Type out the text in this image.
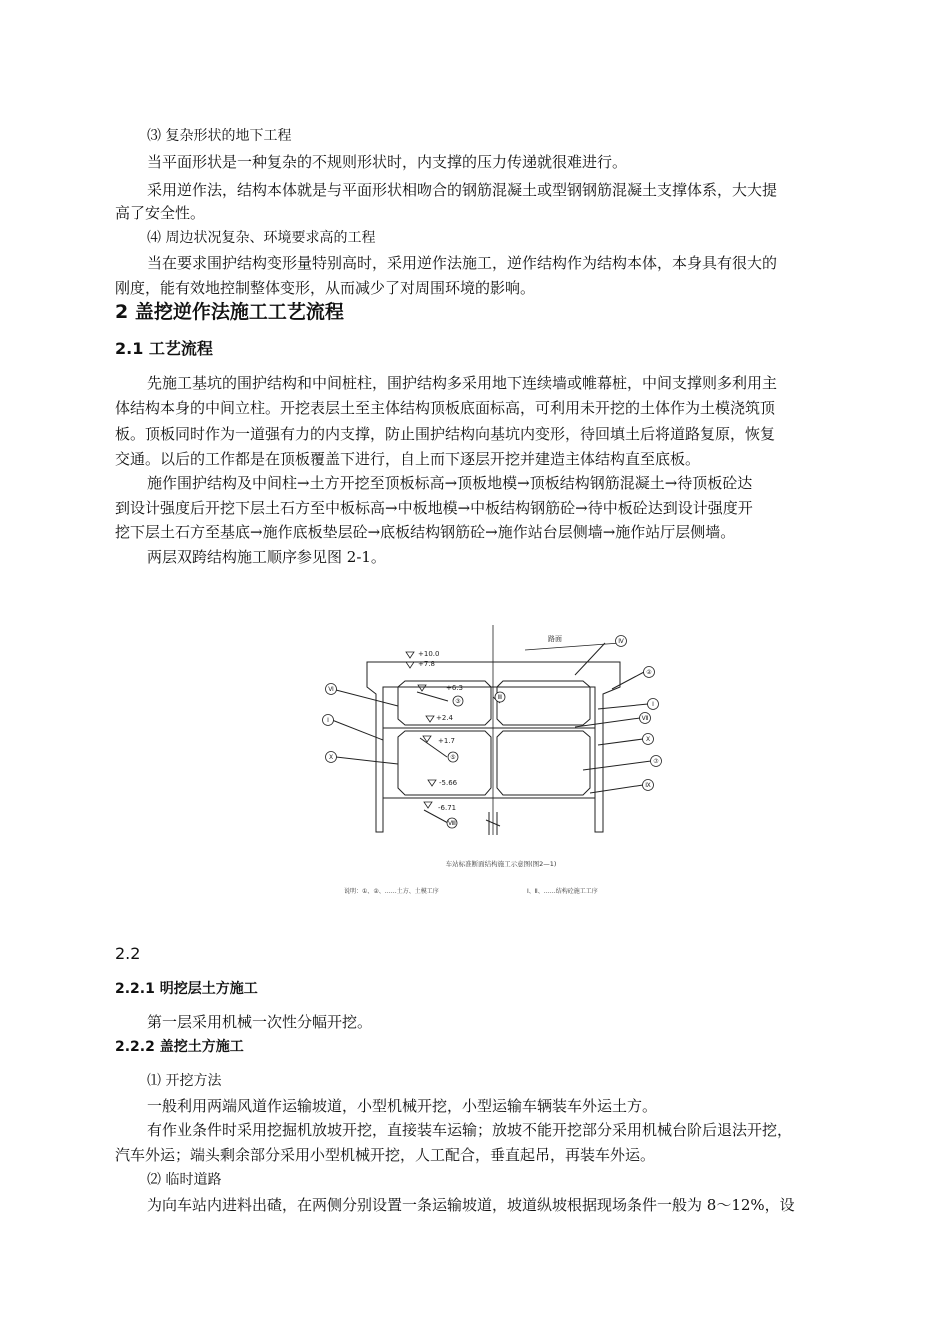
⑶ 复杂形状的地下工程
当平面形状是一种复杂的不规则形状时，内支撑的压力传递就很难进行。
采用逆作法，结构本体就是与平面形状相吻合的钢筋混凝土或型钢钢筋混凝土支撑体系，大大提
高了安全性。
⑷ 周边状况复杂、环境要求高的工程
当在要求围护结构变形量特别高时，采用逆作法施工，逆作结构作为结构本体，本身具有很大的
刚度，能有效地控制整体变形，从而减少了对周围环境的影响。
2 盖挖逆作法施工工艺流程
2.1 工艺流程
先施工基坑的围护结构和中间桩柱，围护结构多采用地下连续墙或帷幕桩，中间支撑则多利用主
体结构本身的中间立柱。开挖表层土至主体结构顶板底面标高，可利用未开挖的土体作为土模浇筑顶
板。顶板同时作为一道强有力的内支撑，防止围护结构向基坑内变形，待回填土后将道路复原，恢复
交通。以后的工作都是在顶板覆盖下进行，自上而下逐层开挖并建造主体结构直至底板。
施作围护结构及中间柱→土方开挖至顶板标高→顶板地模→顶板结构钢筋混凝土→待顶板砼达
到设计强度后开挖下层土石方至中板标高→中板地模→中板结构钢筋砼→待中板砼达到设计强度开
挖下层土石方至基底→施作底板垫层砼→底板结构钢筋砼→施作站台层侧墙→施作站厅层侧墙。
两层双跨结构施工顺序参见图 2-1。
Ⅵ
Ⅰ
Ⅹ
Ⅳ
②
Ⅰ
Ⅶ
Ⅹ
⑦
Ⅸ
③
Ⅲ
⑤
Ⅷ
路面
+10.0
+7.8
+6.3
+2.4
+1.7
-5.66
-6.71
车站标准断面结构施工示意图(图2—1)
说明：①、②、……土方、土模工序	Ⅰ、Ⅱ、……结构砼施工工序
2.2
2.2.1 明挖层土方施工
第一层采用机械一次性分幅开挖。
2.2.2 盖挖土方施工
⑴ 开挖方法
一般利用两端风道作运输坡道，小型机械开挖，小型运输车辆装车外运土方。
有作业条件时采用挖掘机放坡开挖，直接装车运输；放坡不能开挖部分采用机械台阶后退法开挖，
汽车外运；端头剩余部分采用小型机械开挖，人工配合，垂直起吊，再装车外运。
⑵ 临时道路
为向车站内进料出碴，在两侧分别设置一条运输坡道，坡道纵坡根据现场条件一般为 8～12%，设
